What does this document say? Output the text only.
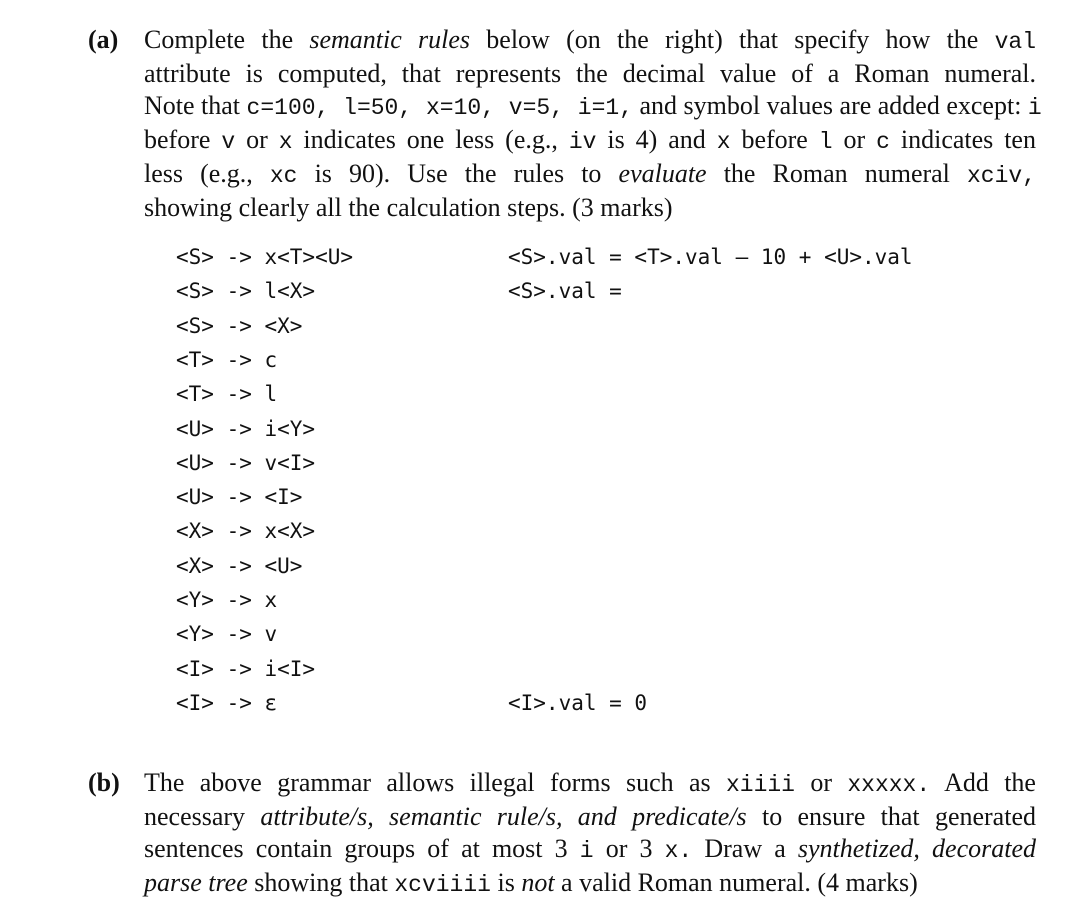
(a) Complete the semantic rules below (on the right) that specify how the val
attribute is computed, that represents the decimal value of a Roman numeral.
Note that c=100, l=50, x=10, v=5, i=1, and symbol values are added except: i
before v or x indicates one less (e.g., iv is 4) and x before l or c indicates ten
less (e.g., xc is 90). Use the rules to evaluate the Roman numeral xciv,
showing clearly all the calculation steps. (3 marks)
<S> -> x<T><U>
<S> -> l<X>
<S> -> <X>
<T> -> c
<T> -> l
<U> -> i<Y>
<U> -> v<I>
<U> -> <I>
<X> -> x<X>
<X> -> <U>
<Y> -> x
<Y> -> v
<I> -> i<I>
<I> -> ε
<S>.val = <T>.val – 10 + <U>.val
<S>.val =
<I>.val = 0
(b) The above grammar allows illegal forms such as xiiii or xxxxx. Add the
necessary attribute/s, semantic rule/s, and predicate/s to ensure that generated
sentences contain groups of at most 3 i or 3 x. Draw a synthetized, decorated
parse tree showing that xcviiii is not a valid Roman numeral. (4 marks)
